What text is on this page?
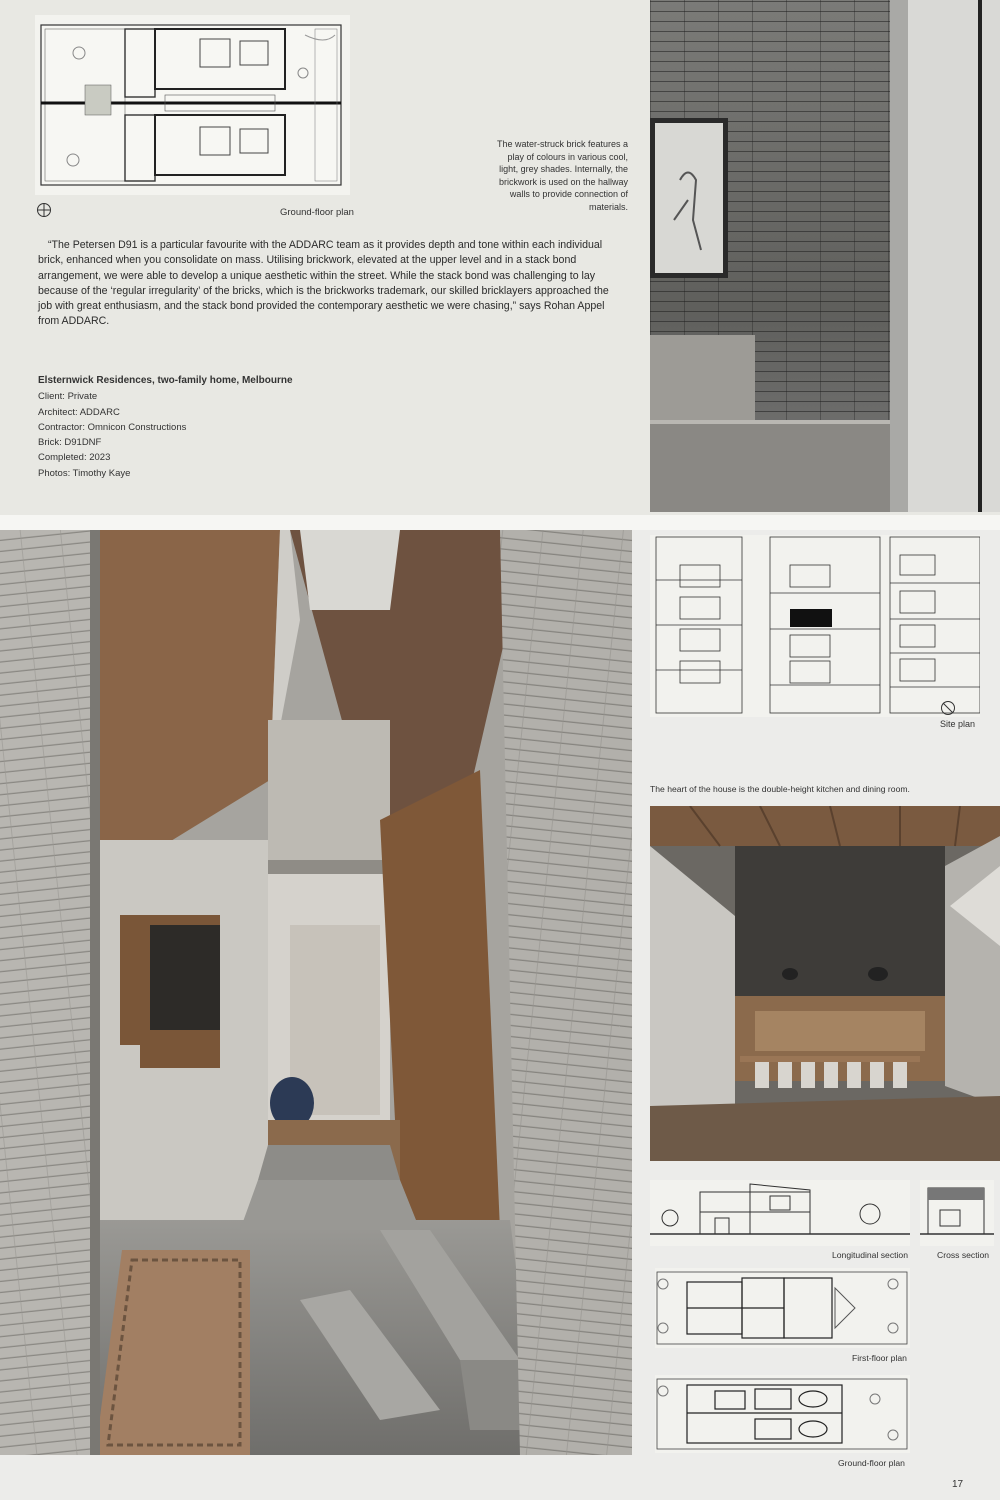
Ground-floor plan
The water-struck brick features a play of colours in various cool, light, grey shades. Internally, the brickwork is used on the hallway walls to provide connection of materials.

“The Petersen D91 is a particular favourite with the ADDARC team as it provides depth and tone within each individual brick, enhanced when you consolidate on mass. Utilising brickwork, elevated at the upper level and in a stack bond arrangement, we were able to develop a unique aesthetic within the street. While the stack bond was challenging to lay because of the ‘regular irregularity’ of the bricks, which is the brickworks trademark, our skilled bricklayers approached the job with great enthusiasm, and the stack bond provided the contemporary aesthetic we were chasing,” says Rohan Appel from ADDARC.

Elsternwick Residences, two-family home, Melbourne
Client: Private
Architect: ADDARC
Contractor: Omnicon Constructions
Brick: D91DNF
Completed: 2023
Photos: Timothy Kaye
Site plan
The heart of the house is the double-height kitchen and dining room.
Longitudinal section	Cross section
First-floor plan
Ground-floor plan
17
